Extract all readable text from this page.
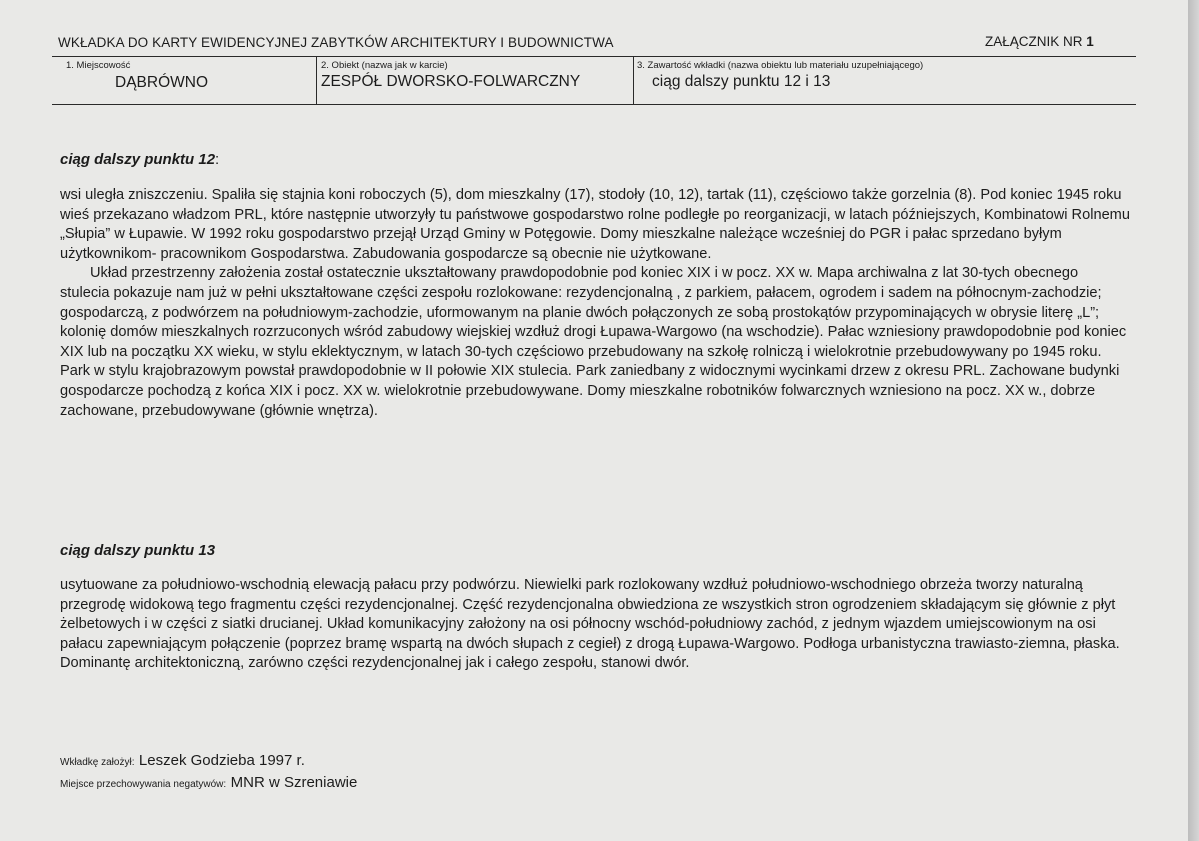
WKŁADKA DO KARTY EWIDENCYJNEJ ZABYTKÓW ARCHITEKTURY I BUDOWNICTWA	ZAŁĄCZNIK NR 1
1. Miejscowość
DĄBRÓWNO
2. Obiekt (nazwa jak w karcie)
ZESPÓŁ DWORSKO-FOLWARCZNY
3. Zawartość wkładki (nazwa obiektu lub materiału uzupełniającego)
ciąg dalszy punktu 12 i 13
ciąg dalszy punktu 12:

wsi uległa zniszczeniu. Spaliła się stajnia koni roboczych (5), dom mieszkalny (17), stodoły (10, 12), tartak (11), częściowo także gorzelnia (8). Pod koniec 1945 roku wieś przekazano władzom PRL, które następnie utworzyły tu państwowe gospodarstwo rolne podległe po reorganizacji, w latach późniejszych, Kombinatowi Rolnemu „Słupia” w Łupawie. W 1992 roku gospodarstwo przejął Urząd Gminy w Potęgowie. Domy mieszkalne należące wcześniej do PGR i pałac sprzedano byłym użytkownikom- pracownikom Gospodarstwa. Zabudowania gospodarcze są obecnie nie użytkowane.

Układ przestrzenny założenia został ostatecznie ukształtowany prawdopodobnie pod koniec XIX i w pocz. XX w. Mapa archiwalna z lat 30-tych obecnego stulecia pokazuje nam już w pełni ukształtowane części zespołu rozlokowane: rezydencjonalną , z parkiem, pałacem, ogrodem i sadem na północnym-zachodzie; gospodarczą, z podwórzem na południowym-zachodzie, uformowanym na planie dwóch połączonych ze sobą prostokątów przypominających w obrysie literę „L”; kolonię domów mieszkalnych rozrzuconych wśród zabudowy wiejskiej wzdłuż drogi Łupawa-Wargowo (na wschodzie). Pałac wzniesiony prawdopodobnie pod koniec XIX lub na początku XX wieku, w stylu eklektycznym, w latach 30-tych częściowo przebudowany na szkołę rolniczą i wielokrotnie przebudowywany po 1945 roku. Park w stylu krajobrazowym powstał prawdopodobnie w II połowie XIX stulecia. Park zaniedbany z widocznymi wycinkami drzew z okresu PRL. Zachowane budynki gospodarcze pochodzą z końca XIX i pocz. XX w. wielokrotnie przebudowywane. Domy mieszkalne robotników folwarcznych wzniesiono na pocz. XX w., dobrze zachowane, przebudowywane (głównie wnętrza).

ciąg dalszy punktu 13

usytuowane za południowo-wschodnią elewacją pałacu przy podwórzu. Niewielki park rozlokowany wzdłuż południowo-wschodniego obrzeża tworzy naturalną przegrodę widokową tego fragmentu części rezydencjonalnej. Część rezydencjonalna obwiedziona ze wszystkich stron ogrodzeniem składającym się głównie z płyt żelbetowych i w części z siatki drucianej. Układ komunikacyjny założony na osi północny wschód-południowy zachód, z jednym wjazdem umiejscowionym na osi pałacu zapewniającym połączenie (poprzez bramę wspartą na dwóch słupach z cegieł) z drogą Łupawa-Wargowo. Podłoga urbanistyczna trawiasto-ziemna, płaska. Dominantę architektoniczną, zarówno części rezydencjonalnej jak i całego zespołu, stanowi dwór.

Wkładkę założył: Leszek Godzieba 1997 r.
Miejsce przechowywania negatywów: MNR w Szreniawie
